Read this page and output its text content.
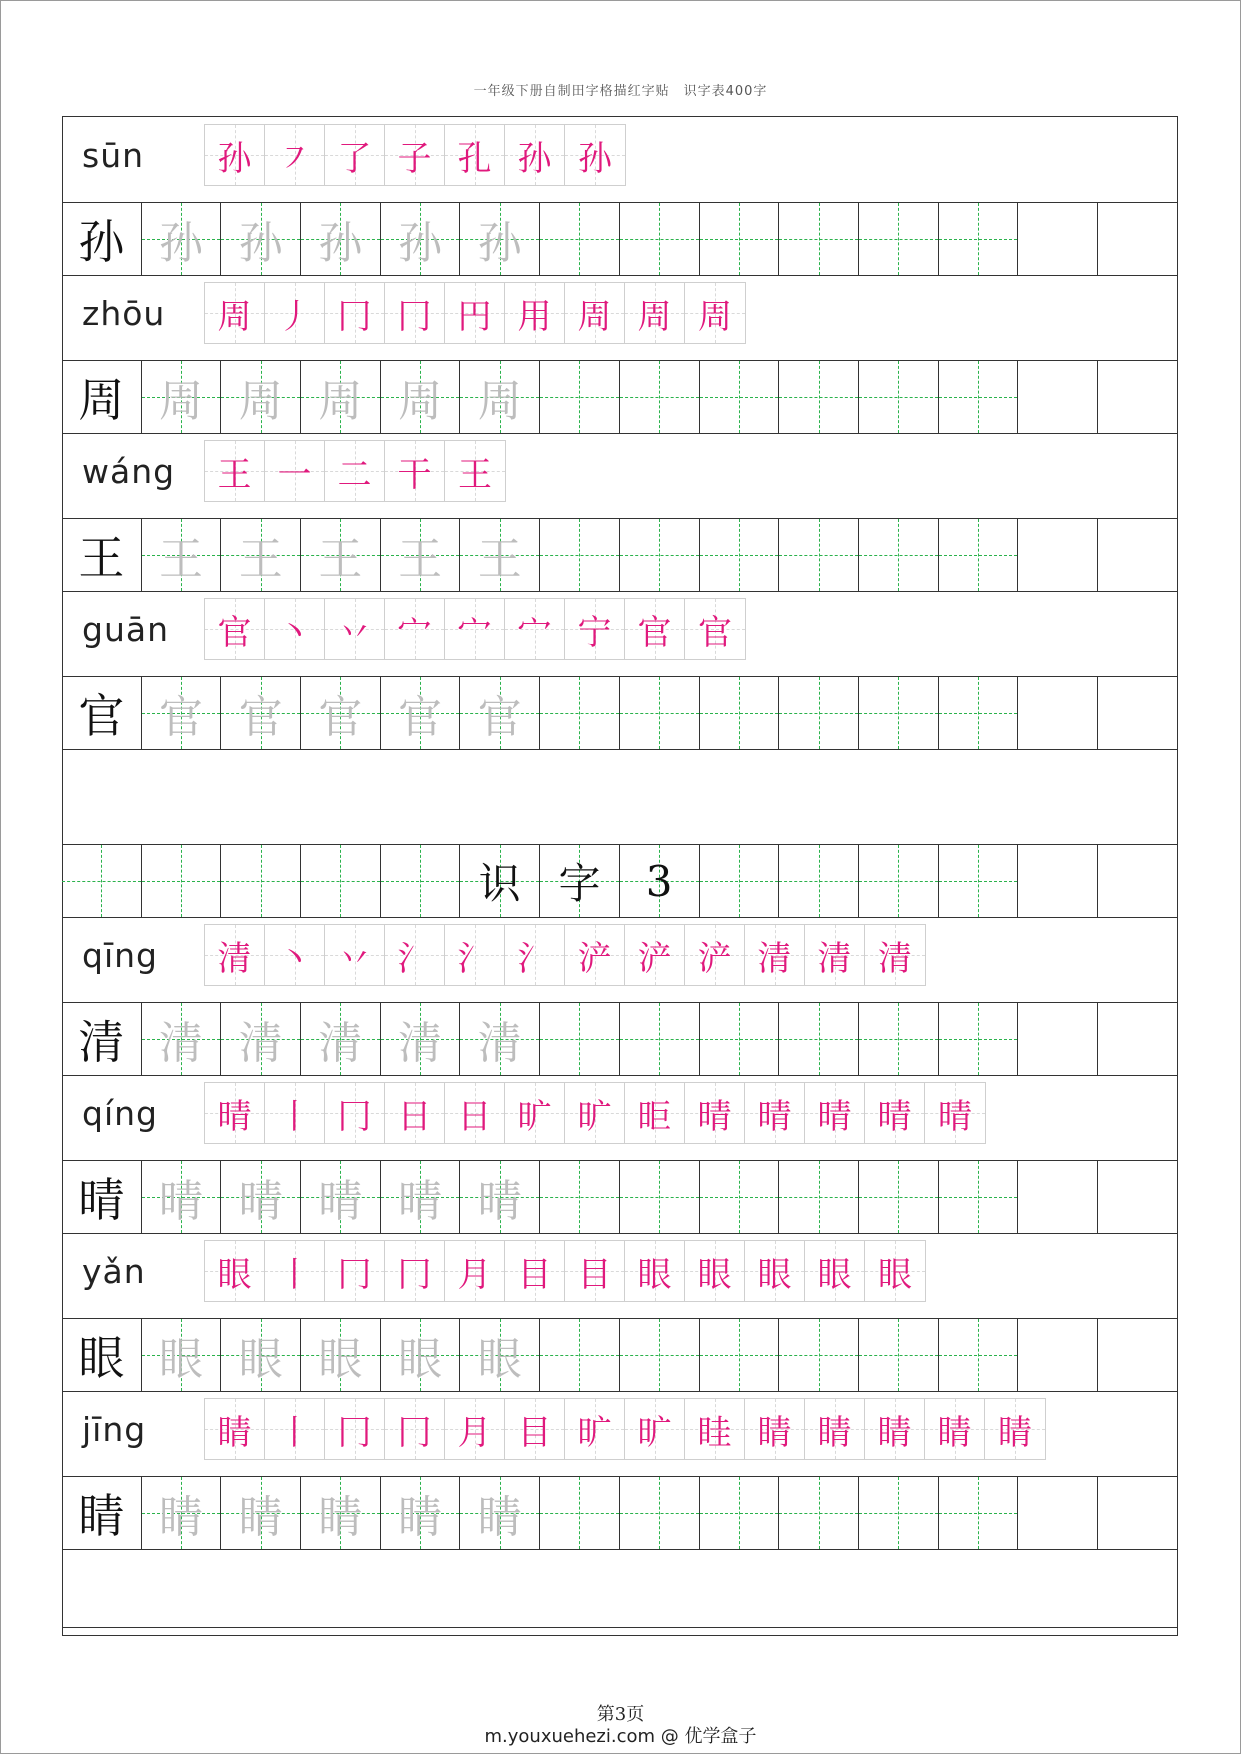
一年级下册自制田字格描红字贴　识字表400字
sūn 孙 ㇇ 了 子 孔 孙 孙
孙 孙 孙 孙 孙 孙
zhōu 周 丿 冂 冂 円 用 周 周 周
周 周 周 周 周 周
wáng 王 一 二 干 王
王 王 王 王 王 王
guān 官 丶 丷 宀 宀 宀 宁 官 官
官 官 官 官 官 官
识 字 3
qīng 清 丶 丷 氵 氵 氵 浐 浐 浐 清 清 清
清 清 清 清 清 清
qíng 晴 丨 冂 日 日 旷 旷 昛 晴 晴 晴 晴 晴
晴 晴 晴 晴 晴 晴
yǎn 眼 丨 冂 冂 月 目 目 眼 眼 眼 眼 眼
眼 眼 眼 眼 眼 眼
jīng 睛 丨 冂 冂 月 目 旷 旷 眭 睛 睛 睛 睛 睛
睛 睛 睛 睛 睛 睛
第3页
m.youxuehezi.com @ 优学盒子
